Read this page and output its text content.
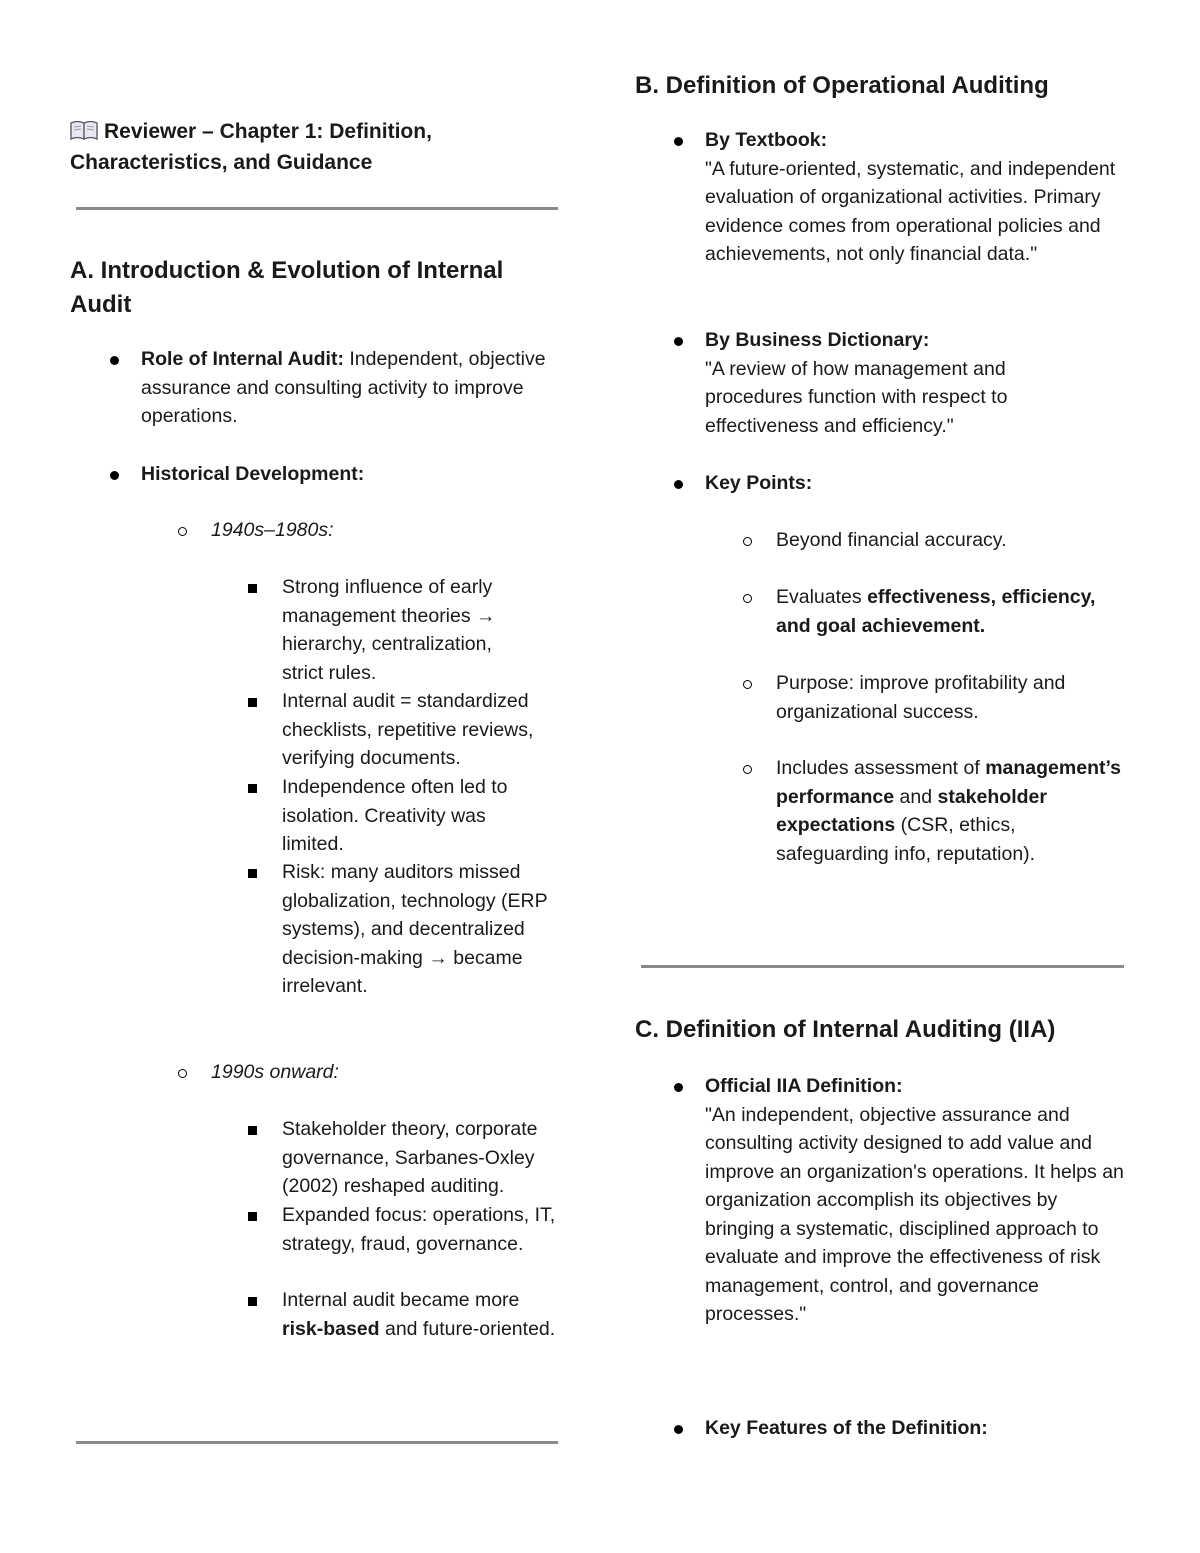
Reviewer – Chapter 1: Definition,
Characteristics, and Guidance
A. Introduction & Evolution of Internal Audit
Role of Internal Audit: Independent, objective assurance and consulting activity to improve operations.
Historical Development:
1940s–1980s:
Strong influence of early management theories → hierarchy, centralization, strict rules.
Internal audit = standardized checklists, repetitive reviews, verifying documents.
Independence often led to isolation. Creativity was limited.
Risk: many auditors missed globalization, technology (ERP systems), and decentralized decision-making → became irrelevant.
1990s onward:
Stakeholder theory, corporate governance, Sarbanes-Oxley (2002) reshaped auditing.
Expanded focus: operations, IT, strategy, fraud, governance.
Internal audit became more risk-based and future-oriented.
B. Definition of Operational Auditing
By Textbook:
"A future-oriented, systematic, and independent evaluation of organizational activities. Primary evidence comes from operational policies and achievements, not only financial data."
By Business Dictionary:
"A review of how management and procedures function with respect to effectiveness and efficiency."
Key Points:
Beyond financial accuracy.
Evaluates effectiveness, efficiency, and goal achievement.
Purpose: improve profitability and organizational success.
Includes assessment of management’s performance and stakeholder expectations (CSR, ethics, safeguarding info, reputation).
C. Definition of Internal Auditing (IIA)
Official IIA Definition:
"An independent, objective assurance and consulting activity designed to add value and improve an organization's operations. It helps an organization accomplish its objectives by bringing a systematic, disciplined approach to evaluate and improve the effectiveness of risk management, control, and governance processes."
Key Features of the Definition:
